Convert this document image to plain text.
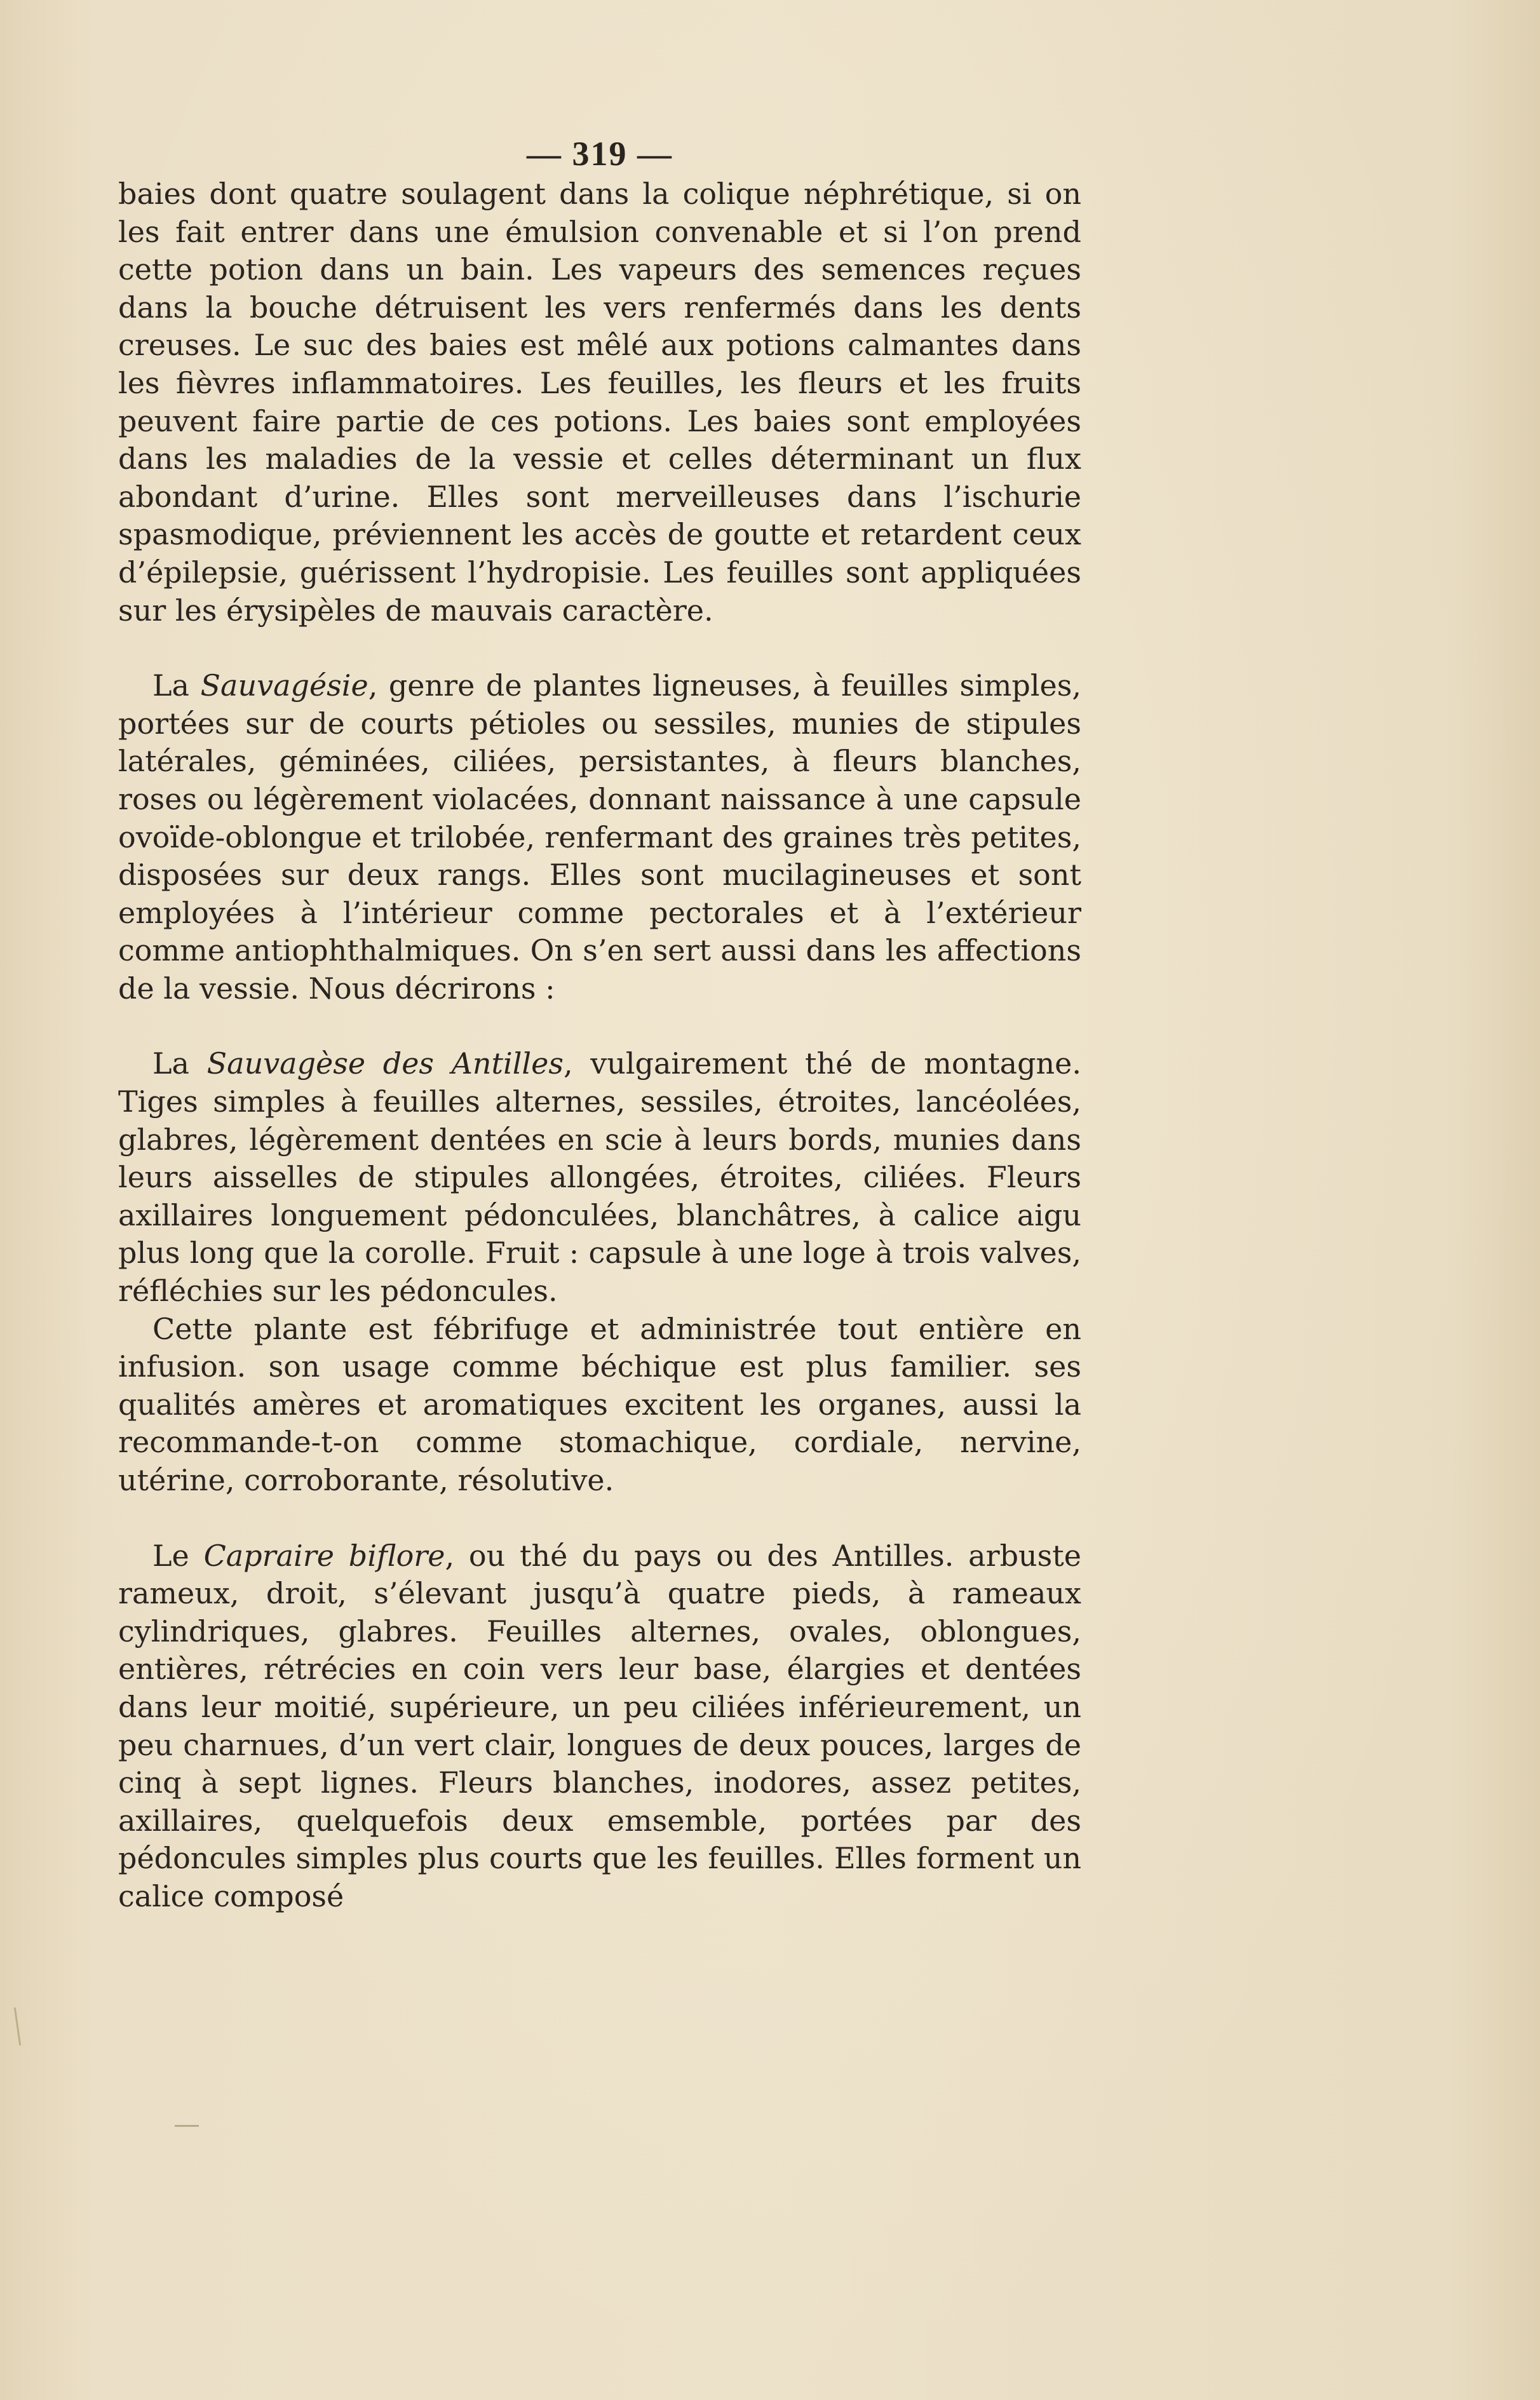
— 319 —

baies dont quatre soulagent dans la colique néphrétique, si on les fait entrer dans une émulsion convenable et si l’on prend cette potion dans un bain. Les vapeurs des semences reçues dans la bouche détruisent les vers renfermés dans les dents creuses. Le suc des baies est mêlé aux potions calmantes dans les fièvres inflammatoires. Les feuilles, les fleurs et les fruits peuvent faire partie de ces potions. Les baies sont employées dans les maladies de la vessie et celles déterminant un flux abondant d’urine. Elles sont merveilleuses dans l’ischurie spasmodique, préviennent les accès de goutte et retardent ceux d’épilepsie, guérissent l’hydropisie. Les feuilles sont appliquées sur les érysipèles de mauvais caractère.

La Sauvagésie, genre de plantes ligneuses, à feuilles simples, portées sur de courts pétioles ou sessiles, munies de stipules latérales, géminées, ciliées, persistantes, à fleurs blanches, roses ou légèrement violacées, donnant naissance à une capsule ovoïde-oblongue et trilobée, renfermant des graines très petites, disposées sur deux rangs. Elles sont mucilagineuses et sont employées à l’intérieur comme pectorales et à l’extérieur comme antiophthalmiques. On s’en sert aussi dans les affections de la vessie. Nous décrirons :

La Sauvagèse des Antilles, vulgairement thé de montagne. Tiges simples à feuilles alternes, sessiles, étroites, lancéolées, glabres, légèrement dentées en scie à leurs bords, munies dans leurs aisselles de stipules allongées, étroites, ciliées. Fleurs axillaires longuement pédonculées, blanchâtres, à calice aigu plus long que la corolle. Fruit : capsule à une loge à trois valves, réfléchies sur les pédoncules.

Cette plante est fébrifuge et administrée tout entière en infusion. son usage comme béchique est plus familier. ses qualités amères et aromatiques excitent les organes, aussi la recommande-t-on comme stomachique, cordiale, nervine, utérine, corroborante, résolutive.

Le Capraire biflore, ou thé du pays ou des Antilles. arbuste rameux, droit, s’élevant jusqu’à quatre pieds, à rameaux cylindriques, glabres. Feuilles alternes, ovales, oblongues, entières, rétrécies en coin vers leur base, élargies et dentées dans leur moitié, supérieure, un peu ciliées inférieurement, un peu charnues, d’un vert clair, longues de deux pouces, larges de cinq à sept lignes. Fleurs blanches, inodores, assez petites, axillaires, quelquefois deux emsemble, portées par des pédoncules simples plus courts que les feuilles. Elles forment un calice composé
